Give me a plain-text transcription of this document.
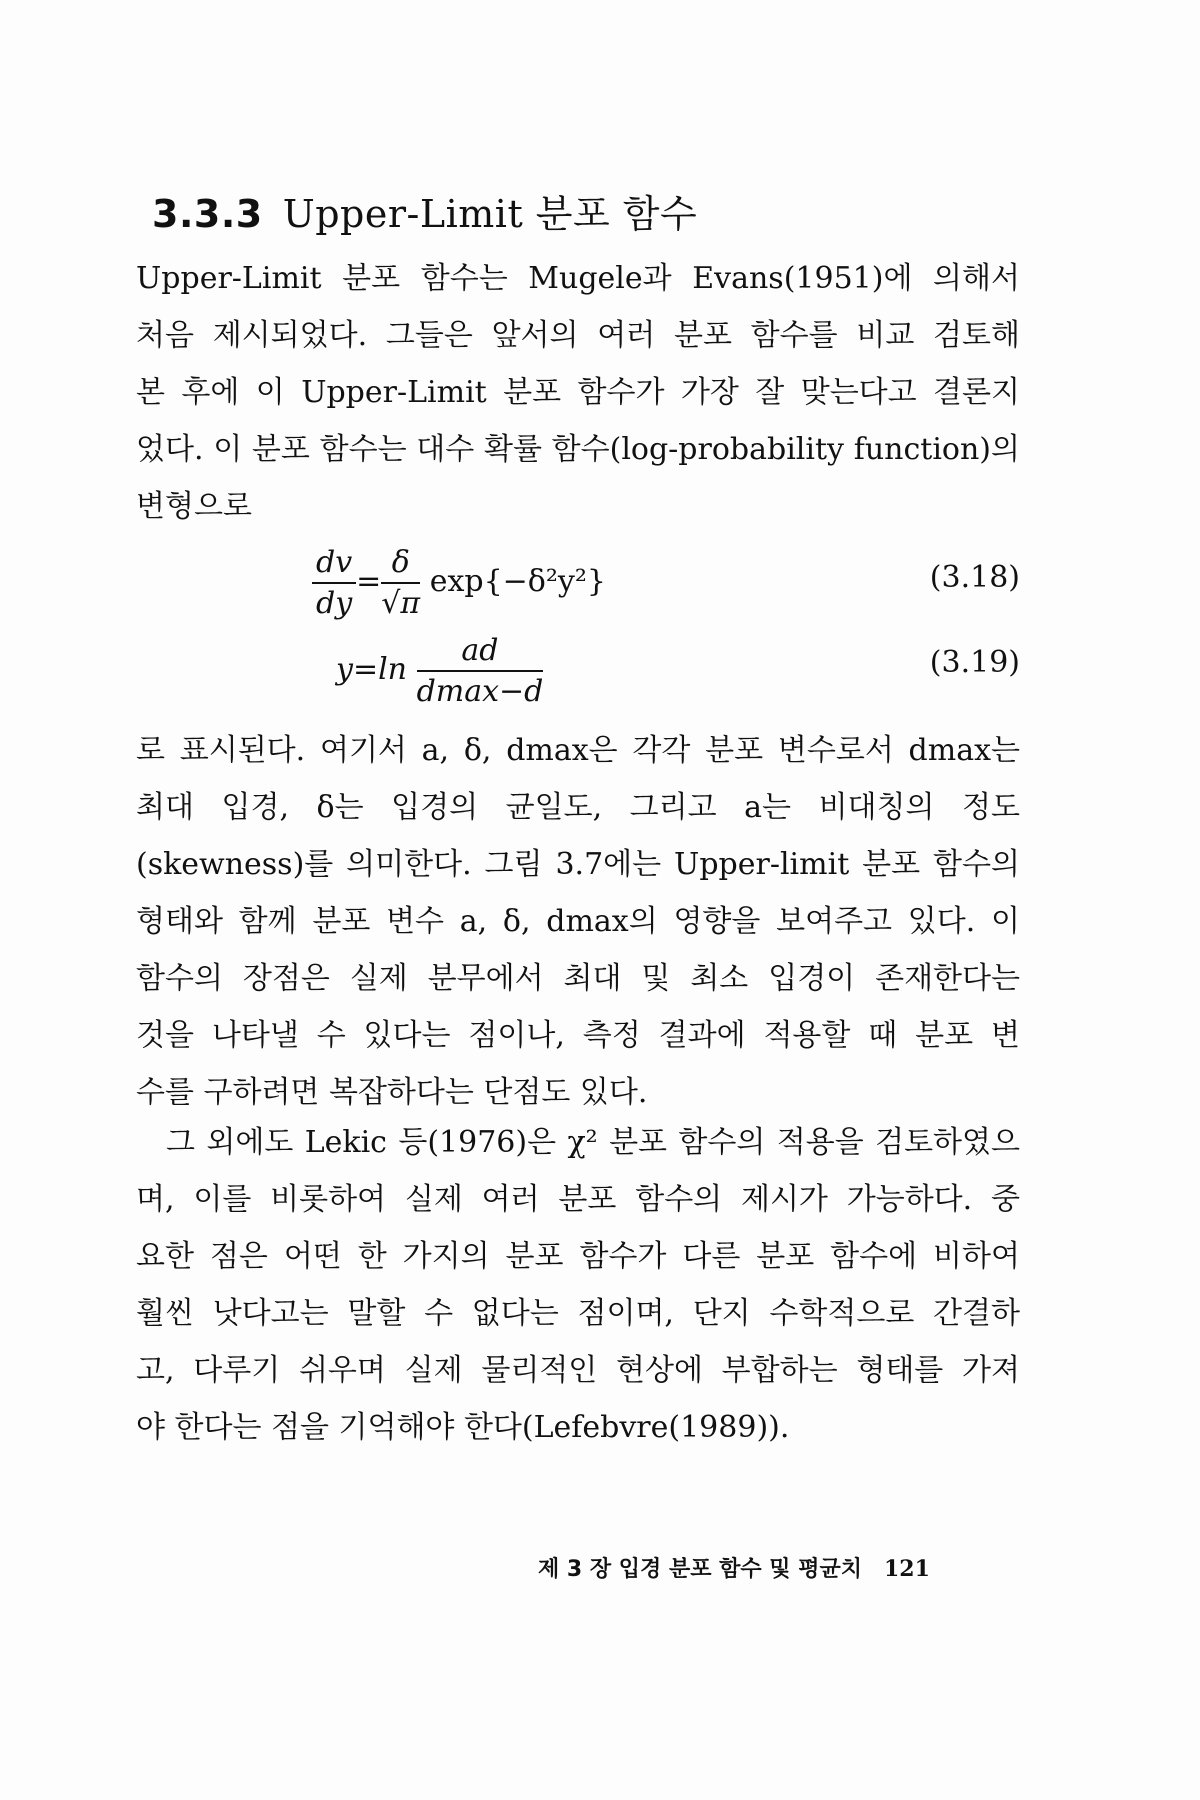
3.3.3 Upper-Limit 분포 함수
Upper-Limit 분포 함수는 Mugele과 Evans(1951)에 의해서
처음 제시되었다. 그들은 앞서의 여러 분포 함수를 비교 검토해
본 후에 이 Upper-Limit 분포 함수가 가장 잘 맞는다고 결론지
었다. 이 분포 함수는 대수 확률 함수(log-probability function)의
변형으로
$\frac{dv}{dy} = \frac{\delta}{√\pi} \exp\{-\delta^2y^2\}$	(3.18)
$y=\ln \frac{ad}{dmax-d}$	(3.19)
로 표시된다. 여기서 a, δ, dmax은 각각 분포 변수로서 dmax는
최대 입경, δ는 입경의 균일도, 그리고 a는 비대칭의 정도
(skewness)를 의미한다. 그림 3.7에는 Upper-limit 분포 함수의
형태와 함께 분포 변수 a, δ, dmax의 영향을 보여주고 있다. 이
함수의 장점은 실제 분무에서 최대 및 최소 입경이 존재한다는
것을 나타낼 수 있다는 점이나, 측정 결과에 적용할 때 분포 변
수를 구하려면 복잡하다는 단점도 있다.
그 외에도 Lekic 등(1976)은 χ² 분포 함수의 적용을 검토하였으
며, 이를 비롯하여 실제 여러 분포 함수의 제시가 가능하다. 중
요한 점은 어떤 한 가지의 분포 함수가 다른 분포 함수에 비하여
훨씬 낫다고는 말할 수 없다는 점이며, 단지 수학적으로 간결하
고, 다루기 쉬우며 실제 물리적인 현상에 부합하는 형태를 가져
야 한다는 점을 기억해야 한다(Lefebvre(1989)).
제 3 장 입경 분포 함수 및 평균치 121
